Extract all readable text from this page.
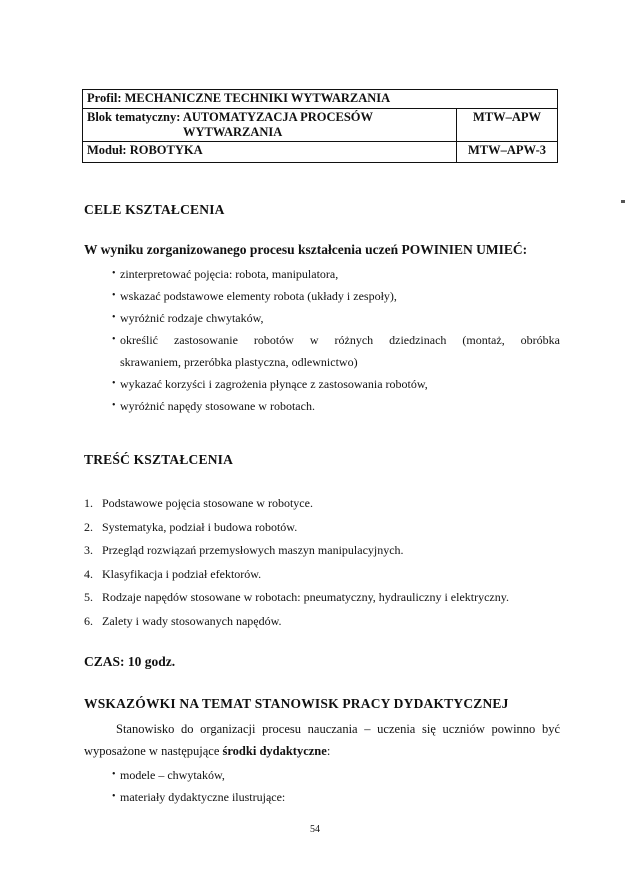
Profil: MECHANICZNE TECHNIKI WYTWARZANIA	
Blok tematyczny: AUTOMATYZACJA PROCESÓW
WYTWARZANIA	MTW–APW
Moduł: ROBOTYKA	MTW–APW-3
CELE KSZTAŁCENIA
W wyniku zorganizowanego procesu kształcenia uczeń POWINIEN UMIEĆ:
• zinterpretować pojęcia: robota, manipulatora,
• wskazać podstawowe elementy robota (układy i zespoły),
• wyróżnić rodzaje chwytaków,
• określić zastosowanie robotów w różnych dziedzinach (montaż, obróbka
skrawaniem, przeróbka plastyczna, odlewnictwo)
• wykazać korzyści i zagrożenia płynące z zastosowania robotów,
• wyróżnić napędy stosowane w robotach.
TREŚĆ KSZTAŁCENIA
1. Podstawowe pojęcia stosowane w robotyce.
2. Systematyka, podział i budowa robotów.
3. Przegląd rozwiązań przemysłowych maszyn manipulacyjnych.
4. Klasyfikacja i podział efektorów.
5. Rodzaje napędów stosowane w robotach: pneumatyczny, hydrauliczny i elektryczny.
6. Zalety i wady stosowanych napędów.
CZAS: 10 godz.
WSKAZÓWKI NA TEMAT STANOWISK PRACY DYDAKTYCZNEJ
Stanowisko do organizacji procesu nauczania – uczenia się uczniów powinno być
wyposażone w następujące środki dydaktyczne:
• modele – chwytaków,
• materiały dydaktyczne ilustrujące:
54
